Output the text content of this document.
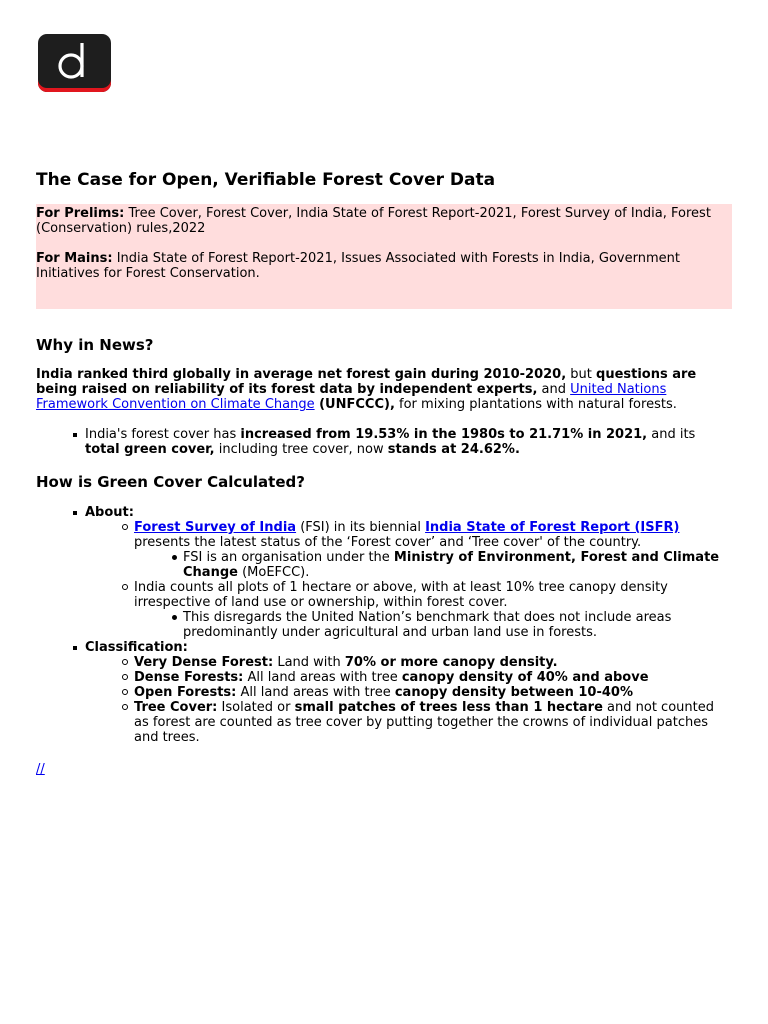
The Case for Open, Verifiable Forest Cover Data

For Prelims: Tree Cover, Forest Cover, India State of Forest Report-2021, Forest Survey of India, Forest (Conservation) rules,2022

For Mains: India State of Forest Report-2021, Issues Associated with Forests in India, Government Initiatives for Forest Conservation.

Why in News?

India ranked third globally in average net forest gain during 2010-2020, but questions are being raised on reliability of its forest data by independent experts, and United Nations Framework Convention on Climate Change (UNFCCC), for mixing plantations with natural forests.

India's forest cover has increased from 19.53% in the 1980s to 21.71% in 2021, and its total green cover, including tree cover, now stands at 24.62%.
How is Green Cover Calculated?
About:
Forest Survey of India (FSI) in its biennial India State of Forest Report (ISFR) presents the latest status of the ‘Forest cover’ and ‘Tree cover' of the country.
FSI is an organisation under the Ministry of Environment, Forest and Climate Change (MoEFCC).
India counts all plots of 1 hectare or above, with at least 10% tree canopy density irrespective of land use or ownership, within forest cover.
This disregards the United Nation’s benchmark that does not include areas predominantly under agricultural and urban land use in forests.
Classification:
Very Dense Forest: Land with 70% or more canopy density.
Dense Forests: All land areas with tree canopy density of 40% and above
Open Forests: All land areas with tree canopy density between 10-40%
Tree Cover: Isolated or small patches of trees less than 1 hectare and not counted as forest are counted as tree cover by putting together the crowns of individual patches and trees.
//
